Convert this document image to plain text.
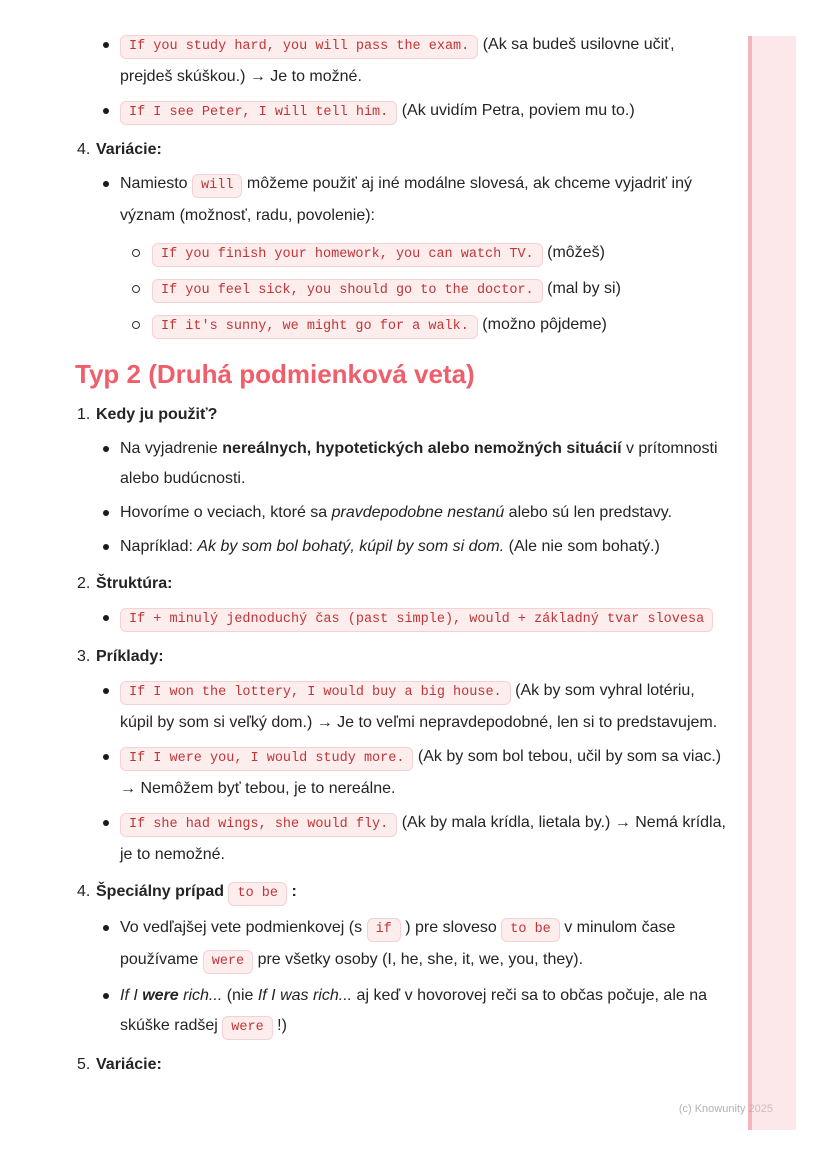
If you study hard, you will pass the exam. (Ak sa budeš usilovne učiť, prejdeš skúškou.) → Je to možné.
If I see Peter, I will tell him. (Ak uvidím Petra, poviem mu to.)
4. Variácie:
Namiesto will môžeme použiť aj iné modálne slovesá, ak chceme vyjadriť iný význam (možnosť, radu, povolenie):
If you finish your homework, you can watch TV. (môžeš)
If you feel sick, you should go to the doctor. (mal by si)
If it's sunny, we might go for a walk. (možno pôjdeme)
Typ 2 (Druhá podmienková veta)
1. Kedy ju použiť?
Na vyjadrenie nereálnych, hypotetických alebo nemožných situácií v prítomnosti alebo budúcnosti.
Hovoríme o veciach, ktoré sa pravdepodobne nestanú alebo sú len predstavy.
Napríklad: Ak by som bol bohatý, kúpil by som si dom. (Ale nie som bohatý.)
2. Štruktúra:
If + minulý jednoduchý čas (past simple), would + základný tvar slovesa
3. Príklady:
If I won the lottery, I would buy a big house. (Ak by som vyhral lotériu, kúpil by som si veľký dom.) → Je to veľmi nepravdepodobné, len si to predstavujem.
If I were you, I would study more. (Ak by som bol tebou, učil by som sa viac.) → Nemôžem byť tebou, je to nereálne.
If she had wings, she would fly. (Ak by mala krídla, lietala by.) → Nemá krídla, je to nemožné.
4. Špeciálny prípad to be :
Vo vedľajšej vete podmienkovej (s if ) pre sloveso to be v minulom čase používame were pre všetky osoby (I, he, she, it, we, you, they).
If I were rich... (nie If I was rich... aj keď v hovorovej reči sa to občas počuje, ale na skúške radšej were !)
5. Variácie:
(c) Knowunity 2025
